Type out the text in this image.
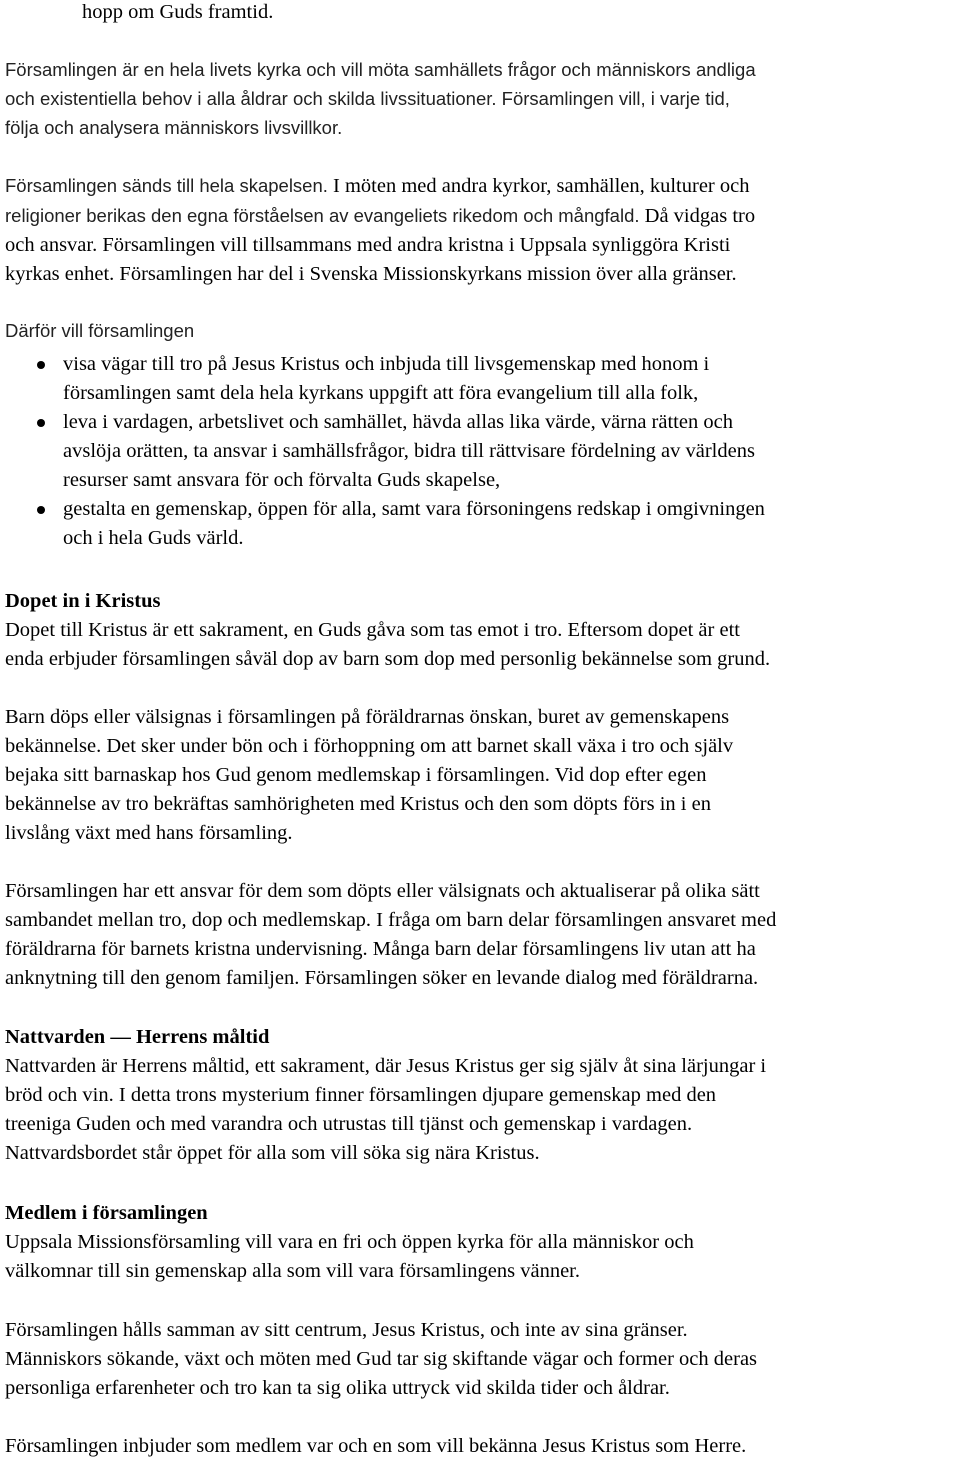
hopp om Guds framtid.

Församlingen är en hela livets kyrka och vill möta samhällets frågor och människors andliga
och existentiella behov i alla åldrar och skilda livssituationer. Församlingen vill, i varje tid,
följa och analysera människors livsvillkor.

Församlingen sänds till hela skapelsen. I möten med andra kyrkor, samhällen, kulturer och
religioner berikas den egna förståelsen av evangeliets rikedom och mångfald. Då vidgas tro
och ansvar. Församlingen vill tillsammans med andra kristna i Uppsala synliggöra Kristi
kyrkas enhet. Församlingen har del i Svenska Missionskyrkans mission över alla gränser.

Därför vill församlingen

visa vägar till tro på Jesus Kristus och inbjuda till livsgemenskap med honom i
församlingen samt dela hela kyrkans uppgift att föra evangelium till alla folk,
leva i vardagen, arbetslivet och samhället, hävda allas lika värde, värna rätten och
avslöja orätten, ta ansvar i samhällsfrågor, bidra till rättvisare fördelning av världens
resurser samt ansvara för och förvalta Guds skapelse,
gestalta en gemenskap, öppen för alla, samt vara försoningens redskap i omgivningen
och i hela Guds värld.

Dopet in i Kristus

Dopet till Kristus är ett sakrament, en Guds gåva som tas emot i tro. Eftersom dopet är ett
enda erbjuder församlingen såväl dop av barn som dop med personlig bekännelse som grund.

Barn döps eller välsignas i församlingen på föräldrarnas önskan, buret av gemenskapens
bekännelse. Det sker under bön och i förhoppning om att barnet skall växa i tro och själv
bejaka sitt barnaskap hos Gud genom medlemskap i församlingen. Vid dop efter egen
bekännelse av tro bekräftas samhörigheten med Kristus och den som döpts förs in i en
livslång växt med hans församling.

Församlingen har ett ansvar för dem som döpts eller välsignats och aktualiserar på olika sätt
sambandet mellan tro, dop och medlemskap. I fråga om barn delar församlingen ansvaret med
föräldrarna för barnets kristna undervisning. Många barn delar församlingens liv utan att ha
anknytning till den genom familjen. Församlingen söker en levande dialog med föräldrarna.

Nattvarden — Herrens måltid

Nattvarden är Herrens måltid, ett sakrament, där Jesus Kristus ger sig själv åt sina lärjungar i
bröd och vin. I detta trons mysterium finner församlingen djupare gemenskap med den
treeniga Guden och med varandra och utrustas till tjänst och gemenskap i vardagen.
Nattvardsbordet står öppet för alla som vill söka sig nära Kristus.

Medlem i församlingen

Uppsala Missionsförsamling vill vara en fri och öppen kyrka för alla människor och
välkomnar till sin gemenskap alla som vill vara församlingens vänner.

Församlingen hålls samman av sitt centrum, Jesus Kristus, och inte av sina gränser.
Människors sökande, växt och möten med Gud tar sig skiftande vägar och former och deras
personliga erfarenheter och tro kan ta sig olika uttryck vid skilda tider och åldrar.

Församlingen inbjuder som medlem var och en som vill bekänna Jesus Kristus som Herre.
